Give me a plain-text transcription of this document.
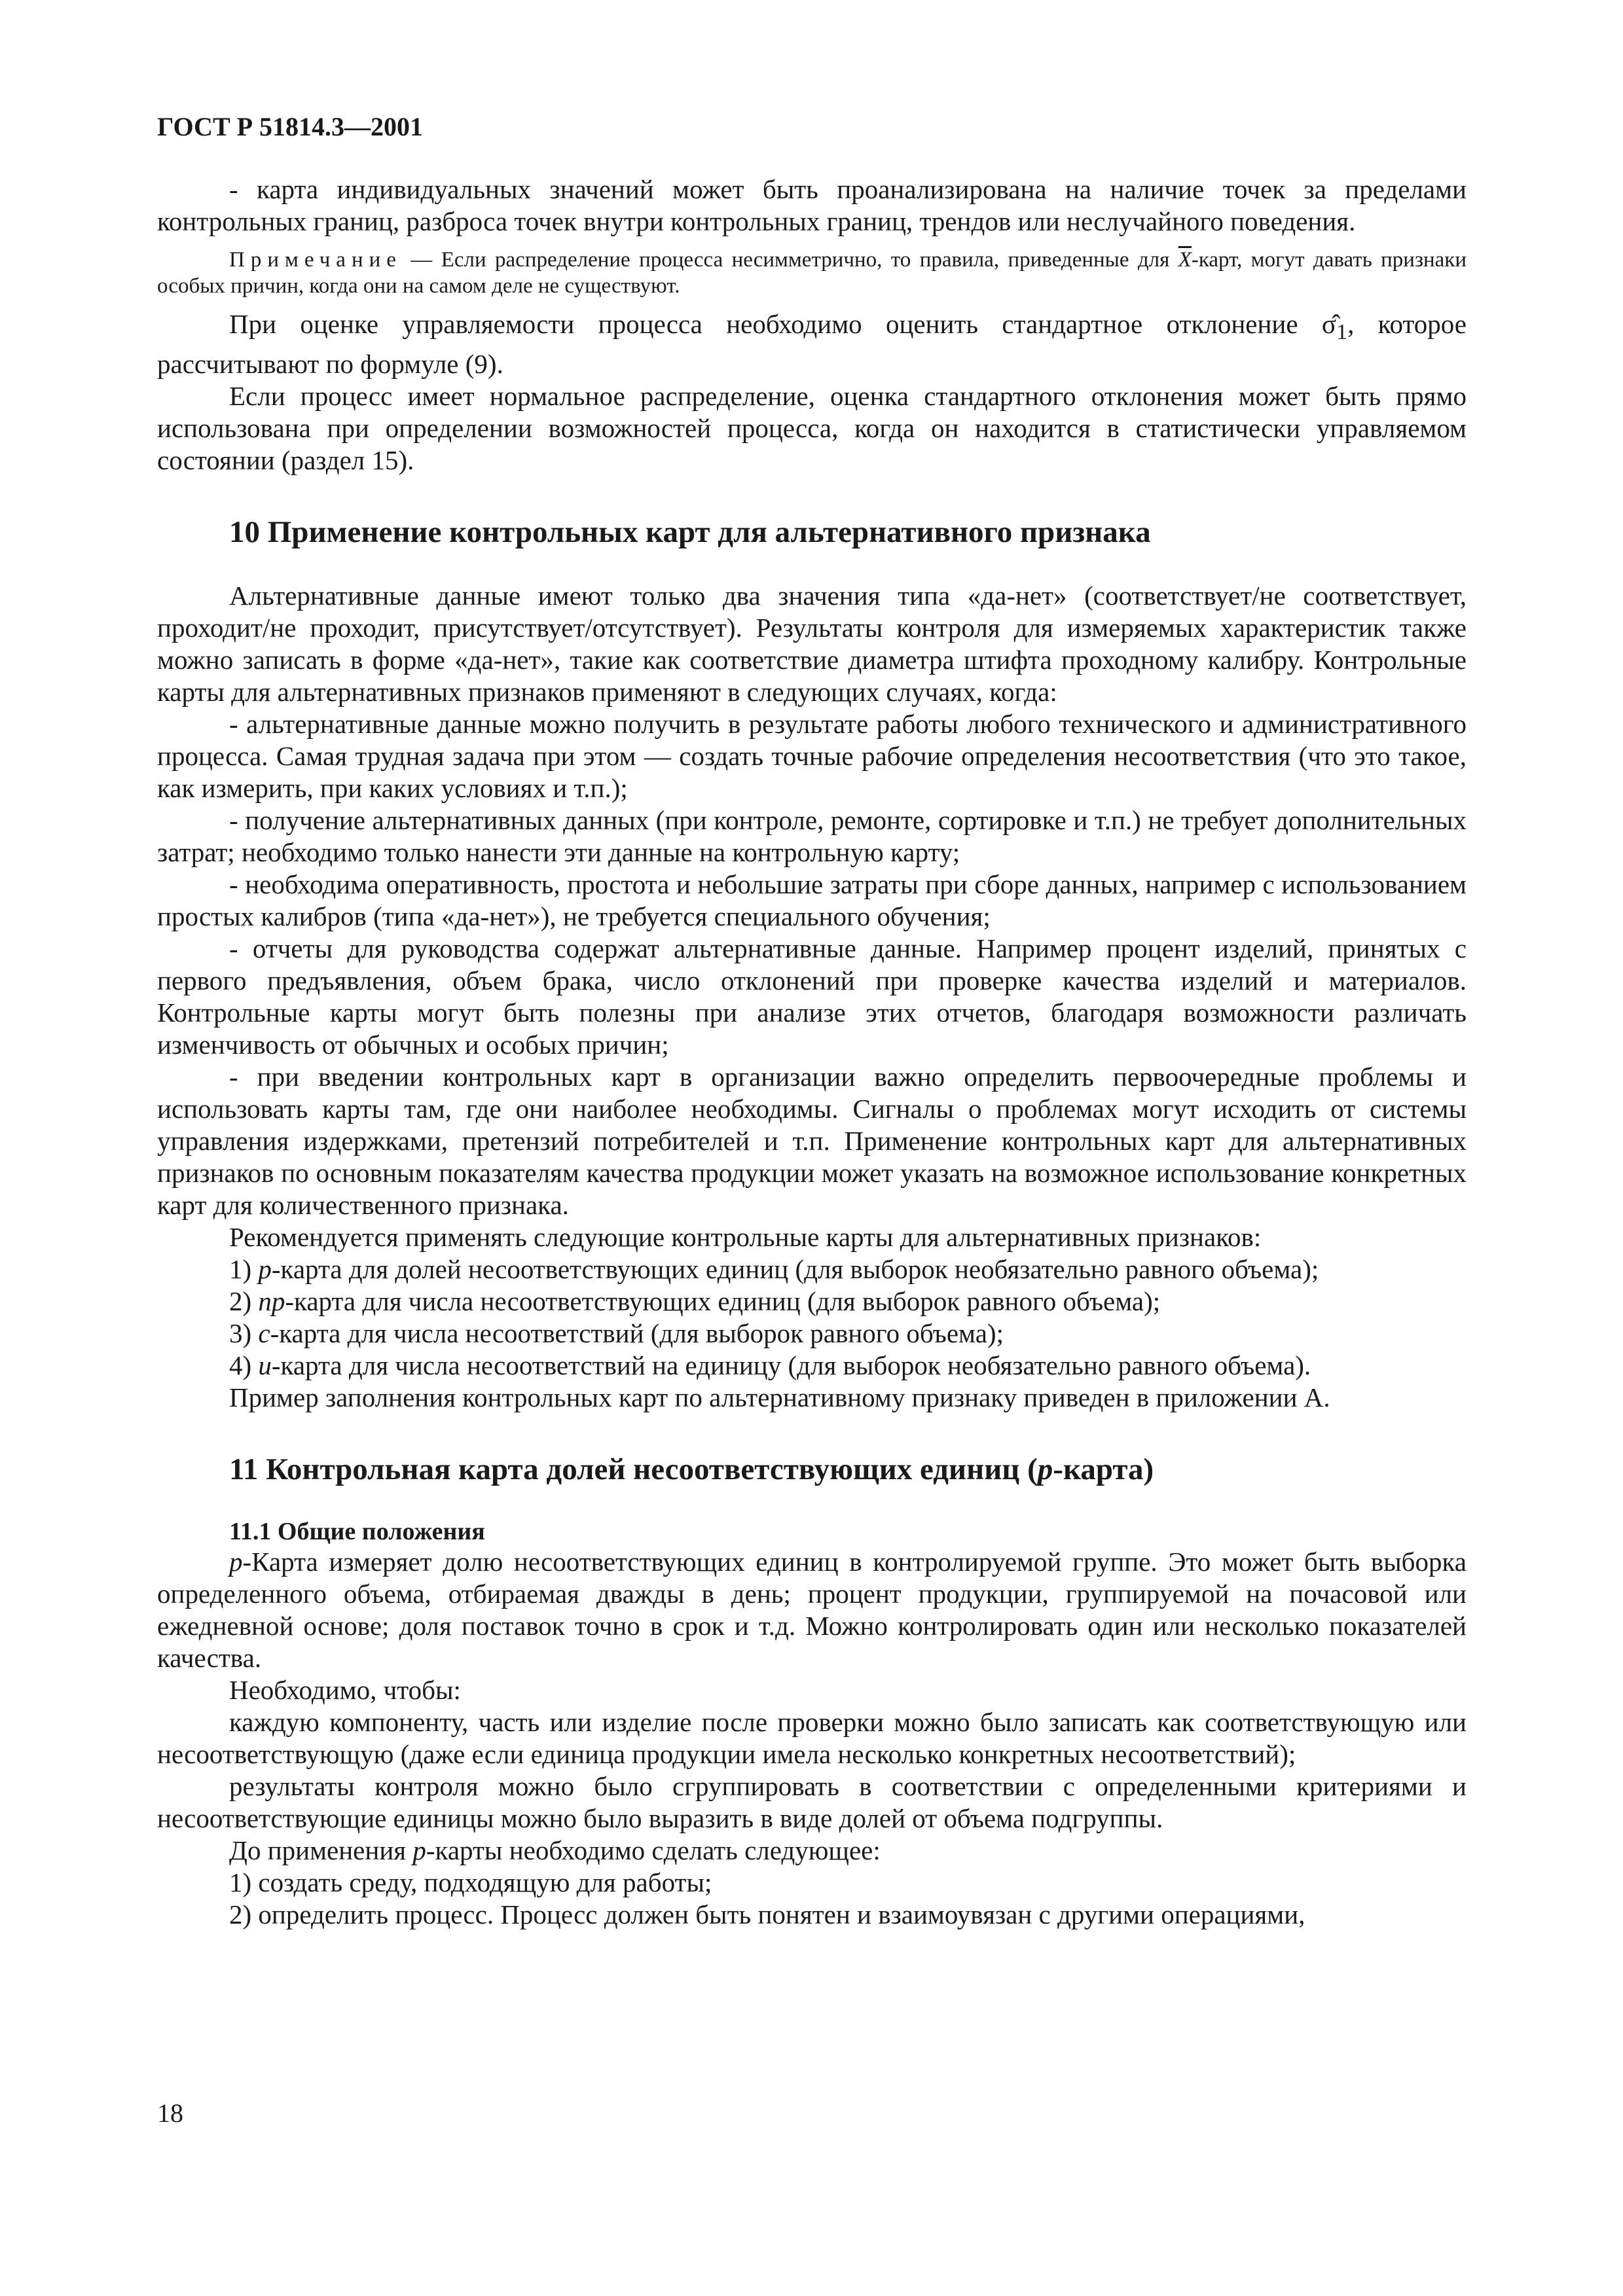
ГОСТ Р 51814.3—2001

- карта индивидуальных значений может быть проанализирована на наличие точек за пределами контрольных границ, разброса точек внутри контрольных границ, трендов или неслучайного поведения.

Примечание — Если распределение процесса несимметрично, то правила, приведенные для $\overline{X}$-карт, могут давать признаки особых причин, когда они на самом деле не существуют.

При оценке управляемости процесса необходимо оценить стандартное отклонение $\sigmâ_1$, которое рассчитывают по формуле (9).

Если процесс имеет нормальное распределение, оценка стандартного отклонения может быть прямо использована при определении возможностей процесса, когда он находится в статистически управляемом состоянии (раздел 15).

10 Применение контрольных карт для альтернативного признака

Альтернативные данные имеют только два значения типа «да-нет» (соответствует/не соответствует, проходит/не проходит, присутствует/отсутствует). Результаты контроля для измеряемых характеристик также можно записать в форме «да-нет», такие как соответствие диаметра штифта проходному калибру. Контрольные карты для альтернативных признаков применяют в следующих случаях, когда:

- альтернативные данные можно получить в результате работы любого технического и административного процесса. Самая трудная задача при этом — создать точные рабочие определения несоответствия (что это такое, как измерить, при каких условиях и т.п.);

- получение альтернативных данных (при контроле, ремонте, сортировке и т.п.) не требует дополнительных затрат; необходимо только нанести эти данные на контрольную карту;

- необходима оперативность, простота и небольшие затраты при сборе данных, например с использованием простых калибров (типа «да-нет»), не требуется специального обучения;

- отчеты для руководства содержат альтернативные данные. Например процент изделий, принятых с первого предъявления, объем брака, число отклонений при проверке качества изделий и материалов. Контрольные карты могут быть полезны при анализе этих отчетов, благодаря возможности различать изменчивость от обычных и особых причин;

- при введении контрольных карт в организации важно определить первоочередные проблемы и использовать карты там, где они наиболее необходимы. Сигналы о проблемах могут исходить от системы управления издержками, претензий потребителей и т.п. Применение контрольных карт для альтернативных признаков по основным показателям качества продукции может указать на возможное использование конкретных карт для количественного признака.

Рекомендуется применять следующие контрольные карты для альтернативных признаков:

1) p-карта для долей несоответствующих единиц (для выборок необязательно равного объема);

2) np-карта для числа несоответствующих единиц (для выборок равного объема);

3) c-карта для числа несоответствий (для выборок равного объема);

4) u-карта для числа несоответствий на единицу (для выборок необязательно равного объема).

Пример заполнения контрольных карт по альтернативному признаку приведен в приложении А.

11 Контрольная карта долей несоответствующих единиц (p-карта)
11.1 Общие положения

p-Карта измеряет долю несоответствующих единиц в контролируемой группе. Это может быть выборка определенного объема, отбираемая дважды в день; процент продукции, группируемой на почасовой или ежедневной основе; доля поставок точно в срок и т.д. Можно контролировать один или несколько показателей качества.

Необходимо, чтобы:

каждую компоненту, часть или изделие после проверки можно было записать как соответствующую или несоответствующую (даже если единица продукции имела несколько конкретных несоответствий);

результаты контроля можно было сгруппировать в соответствии с определенными критериями и несоответствующие единицы можно было выразить в виде долей от объема подгруппы.

До применения p-карты необходимо сделать следующее:

1) создать среду, подходящую для работы;

2) определить процесс. Процесс должен быть понятен и взаимоувязан с другими операциями,

18
